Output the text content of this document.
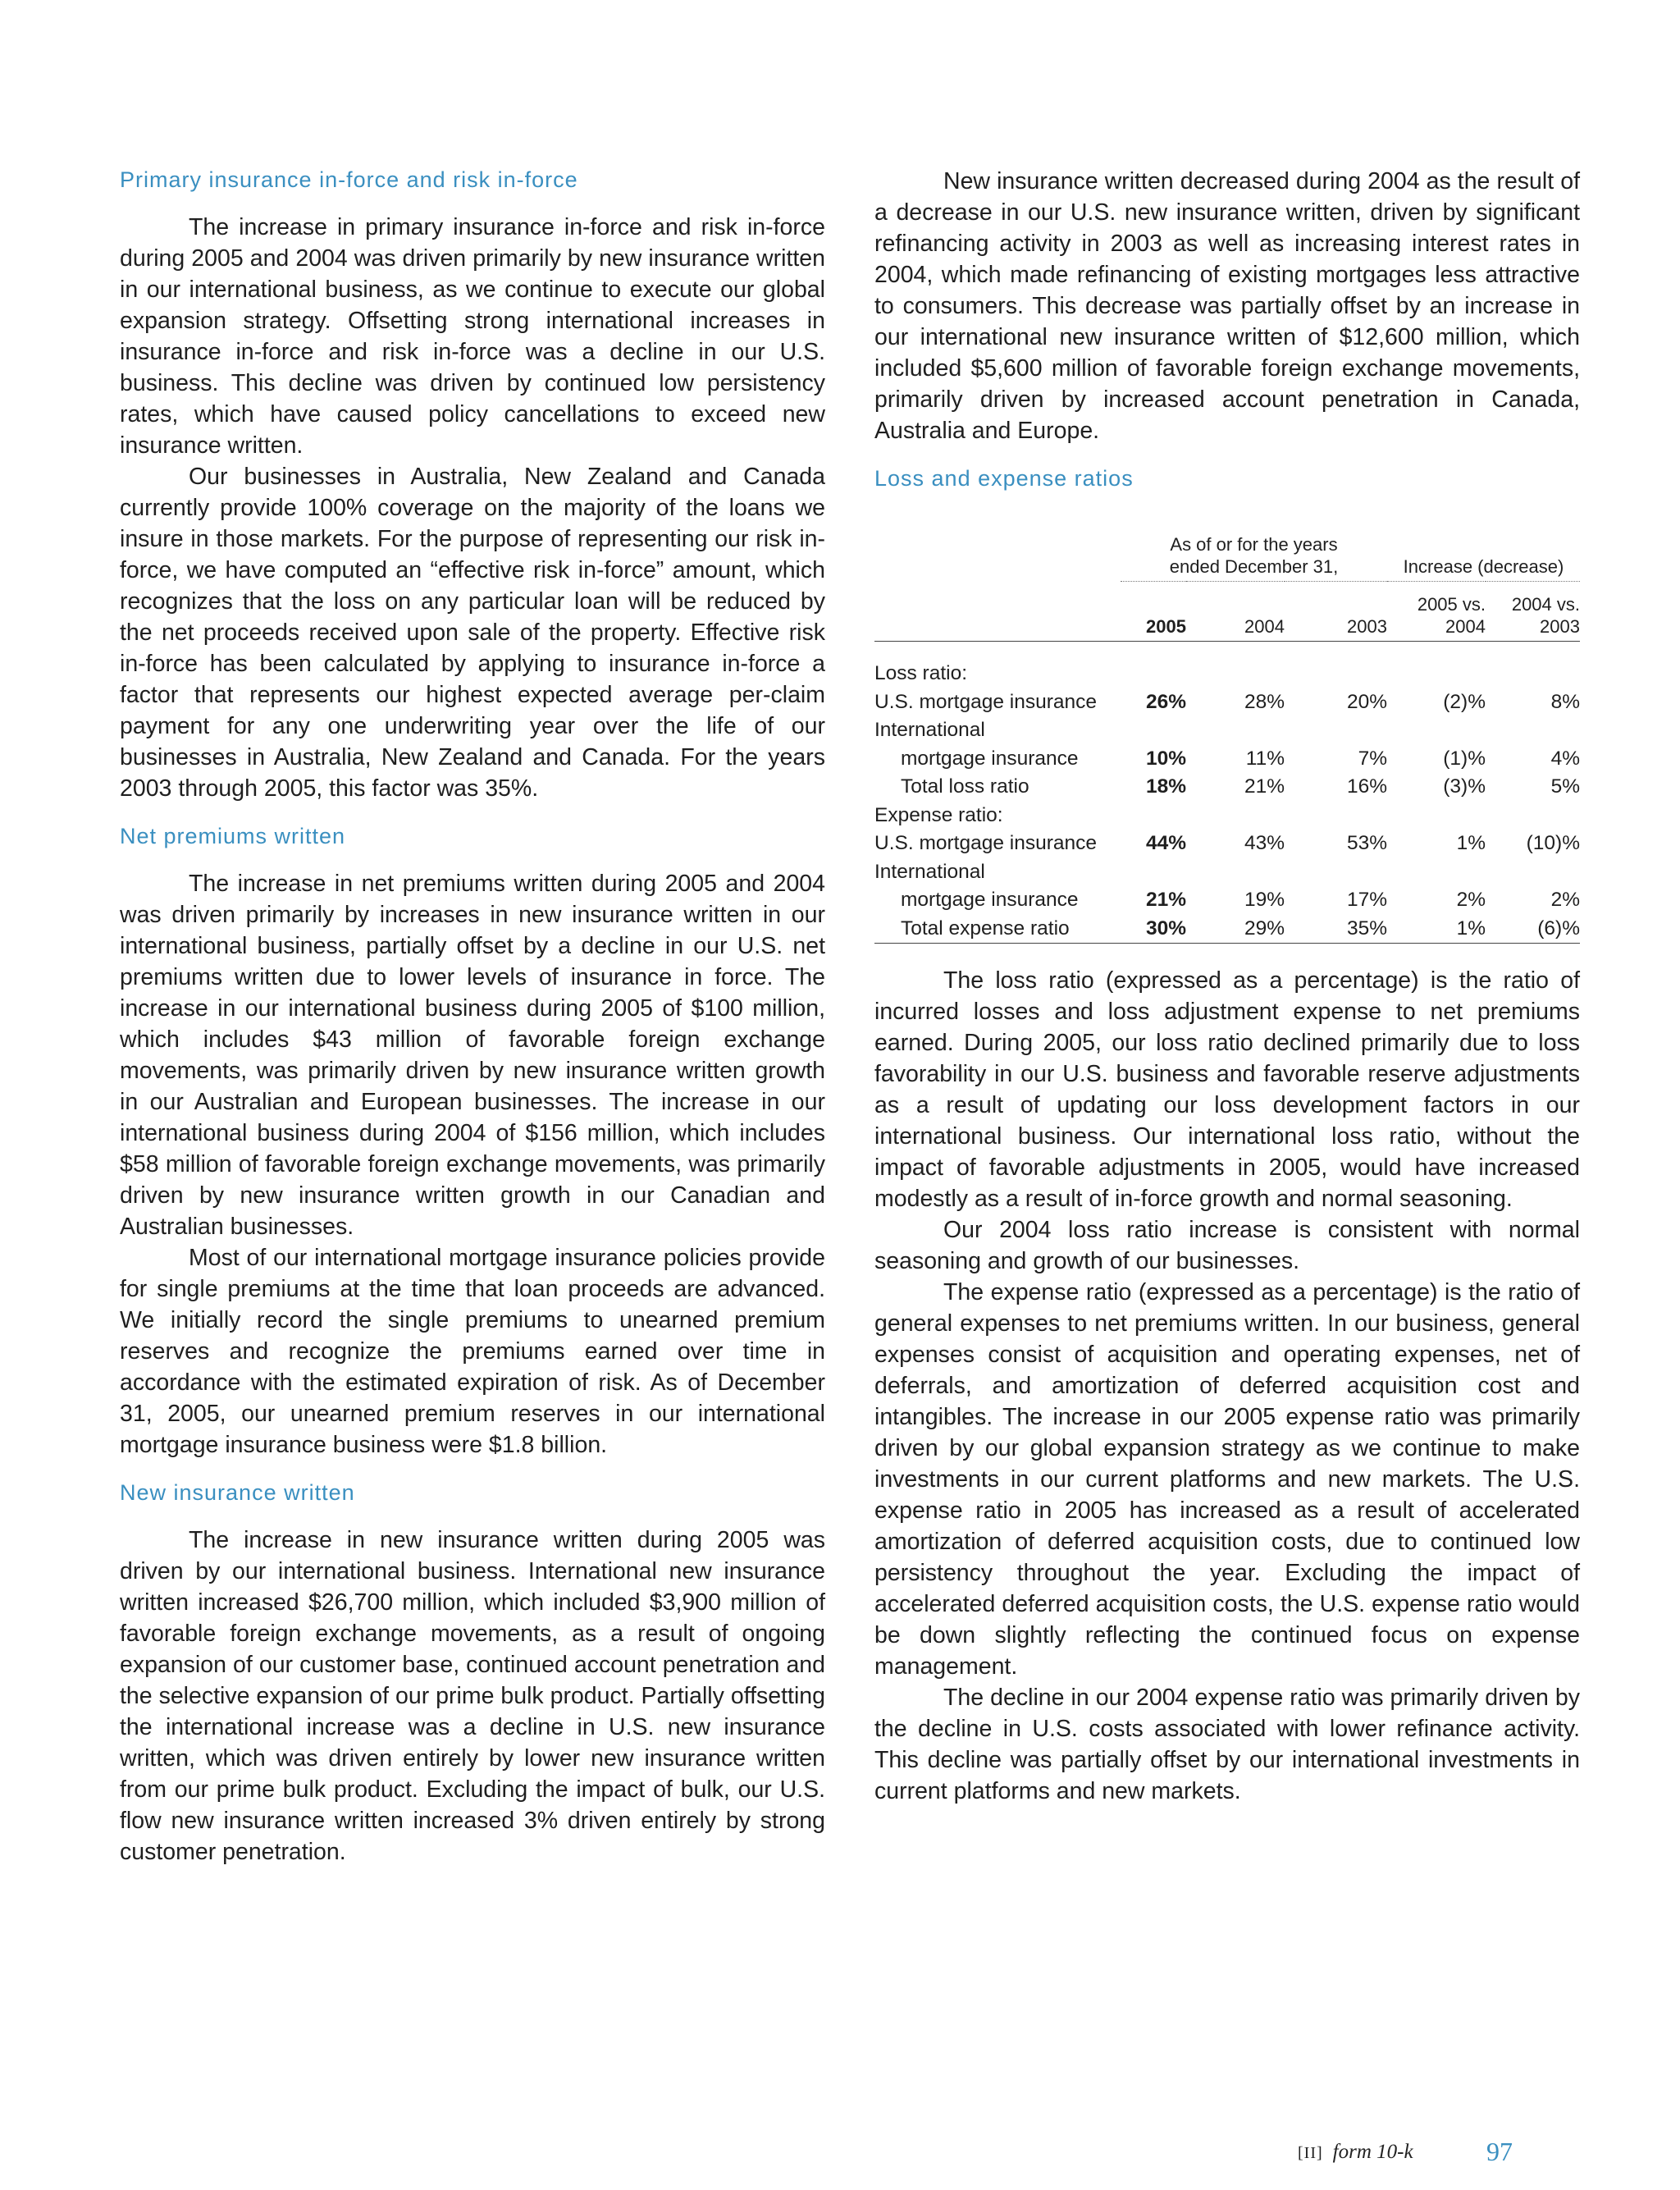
Primary insurance in-force and risk in-force

The increase in primary insurance in-force and risk in-force during 2005 and 2004 was driven primarily by new insurance written in our international business, as we continue to execute our global expansion strategy. Offsetting strong international increases in insurance in-force and risk in-force was a decline in our U.S. business. This decline was driven by continued low persistency rates, which have caused policy cancellations to exceed new insurance written.

Our businesses in Australia, New Zealand and Canada currently provide 100% coverage on the majority of the loans we insure in those markets. For the purpose of representing our risk in-force, we have computed an “effective risk in-force” amount, which recognizes that the loss on any particular loan will be reduced by the net proceeds received upon sale of the property. Effective risk in-force has been calculated by applying to insurance in-force a factor that represents our highest expected average per-claim payment for any one underwriting year over the life of our businesses in Australia, New Zealand and Canada. For the years 2003 through 2005, this factor was 35%.

Net premiums written

The increase in net premiums written during 2005 and 2004 was driven primarily by increases in new insurance written in our international business, partially offset by a decline in our U.S. net premiums written due to lower levels of insurance in force. The increase in our international business during 2005 of $100 million, which includes $43 million of favorable foreign exchange movements, was primarily driven by new insurance written growth in our Australian and European businesses. The increase in our international business during 2004 of $156 million, which includes $58 million of favorable foreign exchange movements, was primarily driven by new insurance written growth in our Canadian and Australian businesses.

Most of our international mortgage insurance policies provide for single premiums at the time that loan proceeds are advanced. We initially record the single premiums to unearned premium reserves and recognize the premiums earned over time in accordance with the estimated expiration of risk. As of December 31, 2005, our unearned premium reserves in our international mortgage insurance business were $1.8 billion.

New insurance written

The increase in new insurance written during 2005 was driven by our international business. International new insurance written increased $26,700 million, which included $3,900 million of favorable foreign exchange movements, as a result of ongoing expansion of our customer base, continued account penetration and the selective expansion of our prime bulk product. Partially offsetting the international increase was a decline in U.S. new insurance written, which was driven entirely by lower new insurance written from our prime bulk product. Excluding the impact of bulk, our U.S. flow new insurance written increased 3% driven entirely by strong customer penetration.

New insurance written decreased during 2004 as the result of a decrease in our U.S. new insurance written, driven by significant refinancing activity in 2003 as well as increasing interest rates in 2004, which made refinancing of existing mortgages less attractive to consumers. This decrease was partially offset by an increase in our international new insurance written of $12,600 million, which included $5,600 million of favorable foreign exchange movements, primarily driven by increased account penetration in Canada, Australia and Europe.

Loss and expense ratios
	As of or for the years ended December 31,			Increase (decrease)	
	2005	2004	2003	2005 vs. 2004	2004 vs. 2003

Loss ratio:					
U.S. mortgage insurance	26%	28%	20%	(2)%	8%
International					
mortgage insurance	10%	11%	7%	(1)%	4%
Total loss ratio	18%	21%	16%	(3)%	5%
Expense ratio:					
U.S. mortgage insurance	44%	43%	53%	1%	(10)%
International					
mortgage insurance	21%	19%	17%	2%	2%
Total expense ratio	30%	29%	35%	1%	(6)%

The loss ratio (expressed as a percentage) is the ratio of incurred losses and loss adjustment expense to net premiums earned. During 2005, our loss ratio declined primarily due to loss favorability in our U.S. business and favorable reserve adjustments as a result of updating our loss development factors in our international business. Our international loss ratio, without the impact of favorable adjustments in 2005, would have increased modestly as a result of in-force growth and normal seasoning.

Our 2004 loss ratio increase is consistent with normal seasoning and growth of our businesses.

The expense ratio (expressed as a percentage) is the ratio of general expenses to net premiums written. In our business, general expenses consist of acquisition and operating expenses, net of deferrals, and amortization of deferred acquisition cost and intangibles. The increase in our 2005 expense ratio was primarily driven by our global expansion strategy as we continue to make investments in our current platforms and new markets. The U.S. expense ratio in 2005 has increased as a result of accelerated amortization of deferred acquisition costs, due to continued low persistency throughout the year. Excluding the impact of accelerated deferred acquisition costs, the U.S. expense ratio would be down slightly reflecting the continued focus on expense management.

The decline in our 2004 expense ratio was primarily driven by the decline in U.S. costs associated with lower refinance activity. This decline was partially offset by our international investments in current platforms and new markets.

[II] form 10-k	97
